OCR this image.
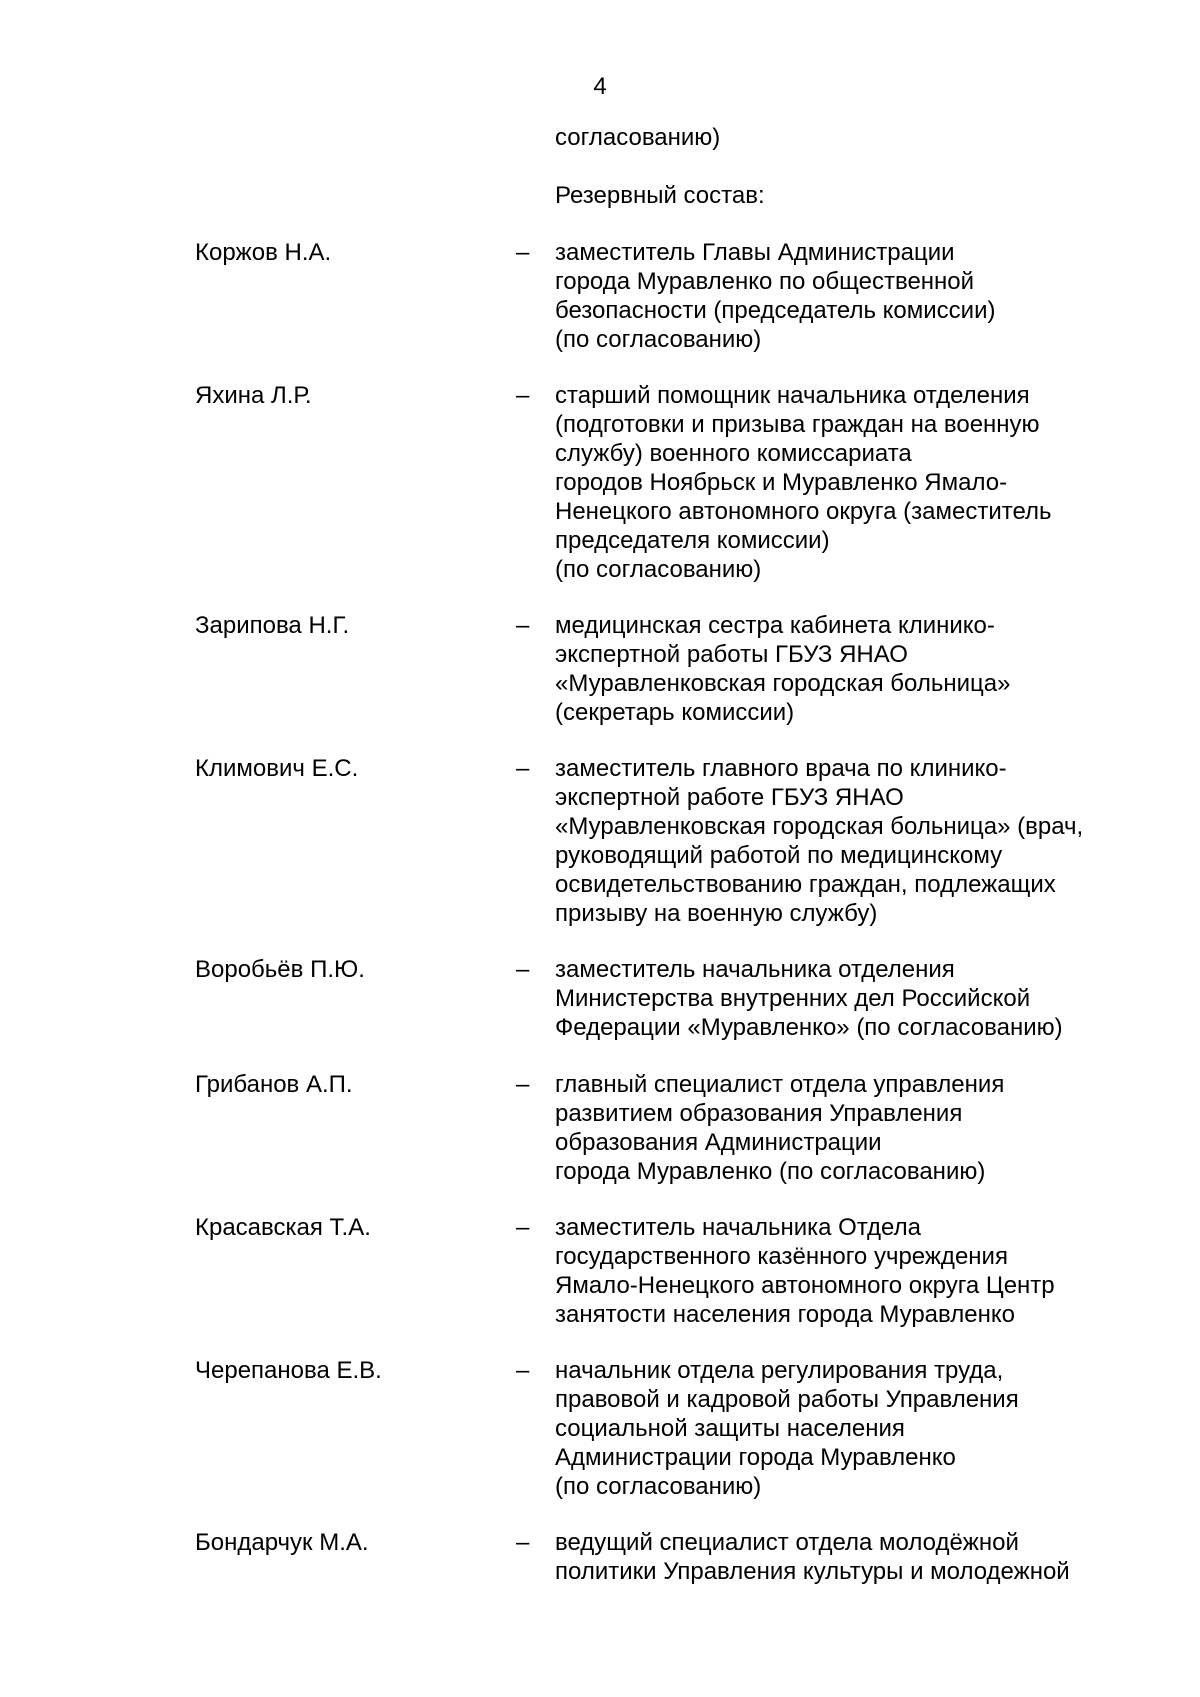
4
согласованию)
Резервный состав:
Коржов Н.А.	– заместитель Главы Администрации
города Муравленко по общественной
безопасности (председатель комиссии)
(по согласованию)
Яхина Л.Р.	– старший помощник начальника отделения
(подготовки и призыва граждан на военную
службу) военного комиссариата
городов Ноябрьск и Муравленко Ямало-
Ненецкого автономного округа (заместитель
председателя комиссии)
(по согласованию)
Зарипова Н.Г.	– медицинская сестра кабинета клинико-
экспертной работы ГБУЗ ЯНАО
«Муравленковская городская больница»
(секретарь комиссии)
Климович Е.С.	– заместитель главного врача по клинико-
экспертной работе ГБУЗ ЯНАО
«Муравленковская городская больница» (врач,
руководящий работой по медицинскому
освидетельствованию граждан, подлежащих
призыву на военную службу)
Воробьёв П.Ю.	– заместитель начальника отделения
Министерства внутренних дел Российской
Федерации «Муравленко» (по согласованию)
Грибанов А.П.	– главный специалист отдела управления
развитием образования Управления
образования Администрации
города Муравленко (по согласованию)
Красавская Т.А.	– заместитель начальника Отдела
государственного казённого учреждения
Ямало-Ненецкого автономного округа Центр
занятости населения города Муравленко
Черепанова Е.В.	– начальник отдела регулирования труда,
правовой и кадровой работы Управления
социальной защиты населения
Администрации города Муравленко
(по согласованию)
Бондарчук М.А.	– ведущий специалист отдела молодёжной
политики Управления культуры и молодежной
